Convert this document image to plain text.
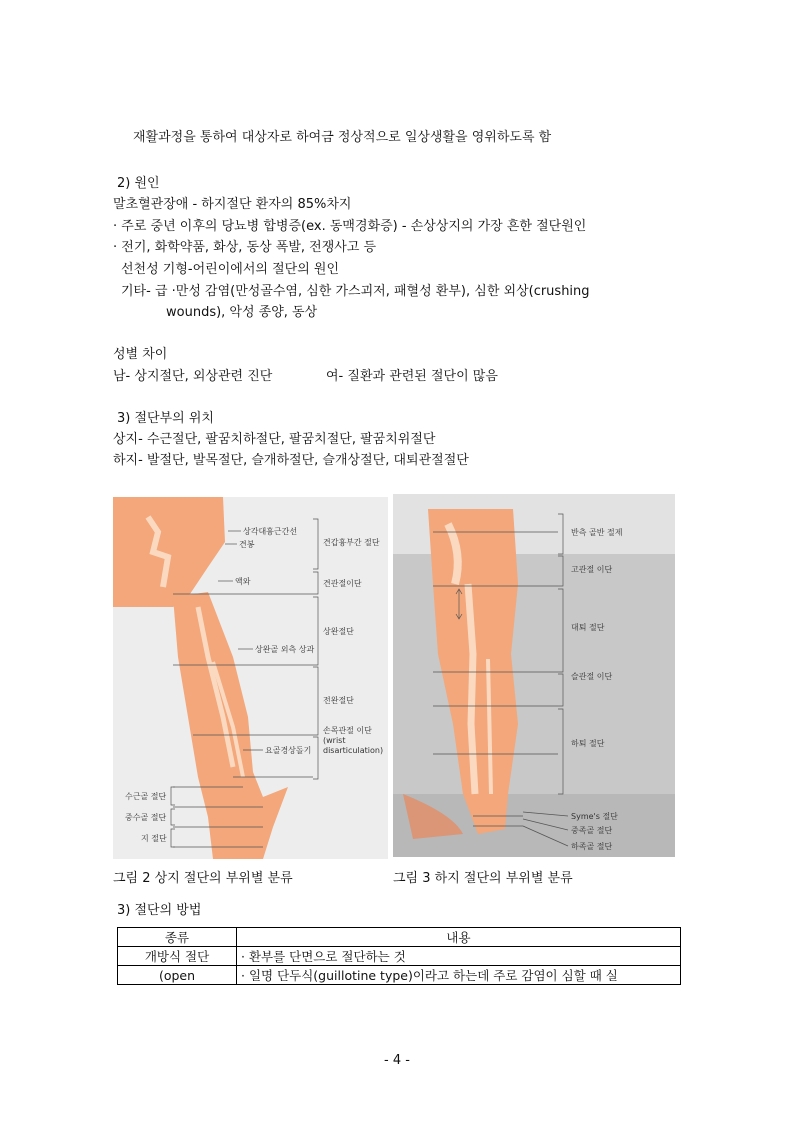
재활과정을 통하여 대상자로 하여금 정상적으로 일상생활을 영위하도록 함
2) 원인
말초혈관장애 - 하지절단 환자의 85%차지
· 주로 중년 이후의 당뇨병 합병증(ex. 동맥경화증) - 손상상지의 가장 흔한 절단원인
· 전기, 화학약품, 화상, 동상 폭발, 전쟁사고 등
선천성 기형-어린이에서의 절단의 원인
기타- 급 ·만성 감염(만성골수염, 심한 가스괴저, 패혈성 환부), 심한 외상(crushing
wounds), 악성 종양, 동상
성별 차이
남- 상지절단, 외상관련 진단	여- 질환과 관련된 절단이 많음
3) 절단부의 위치
상지- 수근절단, 팔꿈치하절단, 팔꿈치절단, 팔꿈치위절단
하지- 발절단, 발목절단, 슬개하절단, 슬개상절단, 대퇴관절절단
상각대흉근간선
견봉
액와
상완골 외측 상과
요골경상돌기
견갑흉부간 절단
견관절이단
상완절단
전완절단
손목관절 이단
(wrist
disarticulation)
수근골 절단
중수골 절단
지 절단
반측 골반 절제
고관절 이단
대퇴 절단
슬관절 이단
하퇴 절단
Syme's 절단
중족골 절단
하족골 절단
그림 2 상지 절단의 부위별 분류	그림 3 하지 절단의 부위별 분류
3) 절단의 방법
종류	내용
개방식 절단	· 환부를 단면으로 절단하는 것
(open	· 일명 단두식(guillotine type)이라고 하는데 주로 감염이 심할 때 실
- 4 -
